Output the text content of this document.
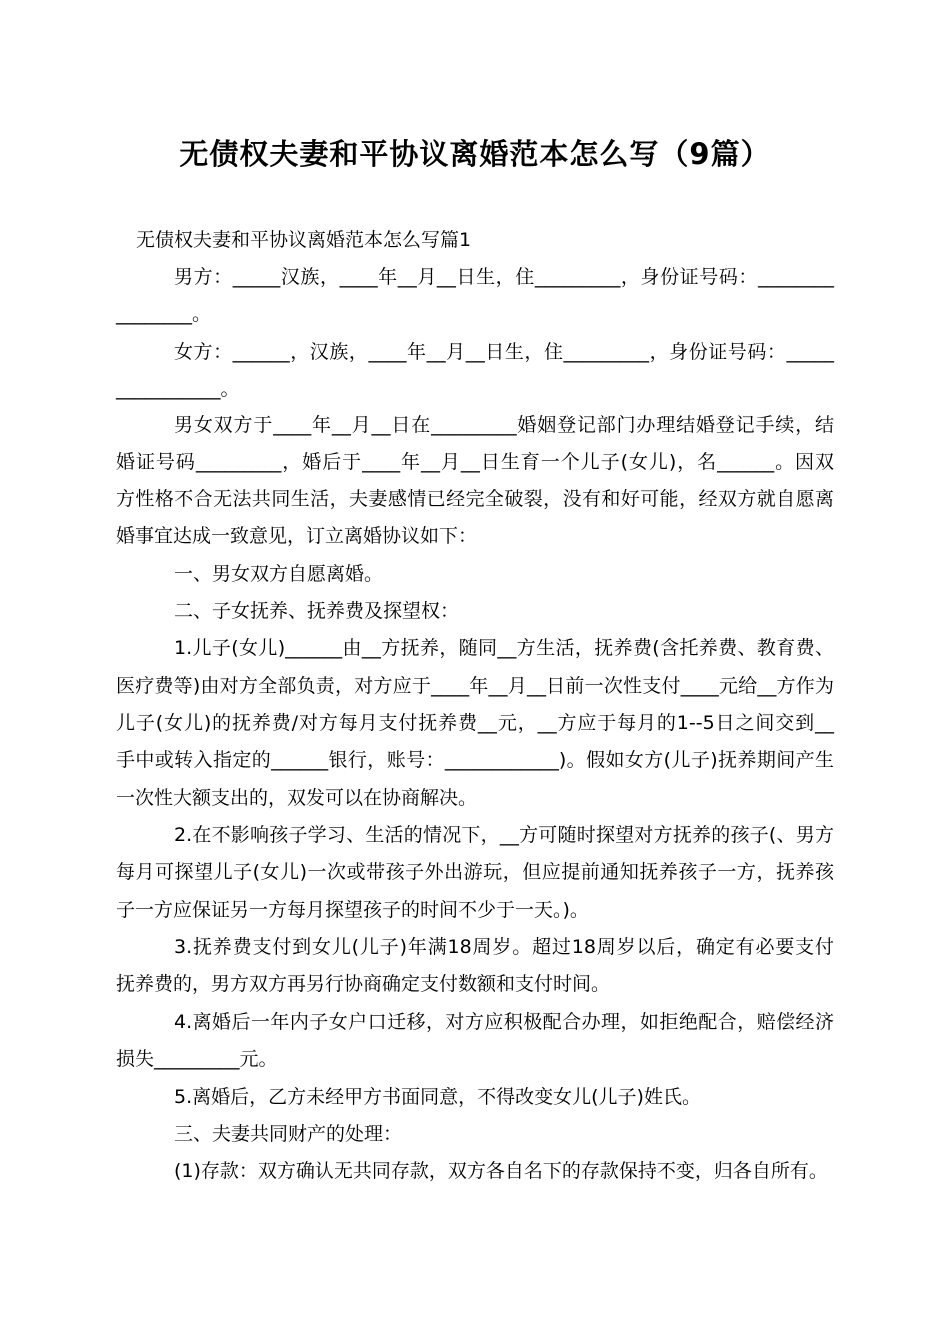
无债权夫妻和平协议离婚范本怎么写（9篇）
无债权夫妻和平协议离婚范本怎么写篇1
男方：_____汉族，____年__月__日生，住_________，身份证号码：________
________。
女方：______，汉族，____年__月__日生，住_________，身份证号码：_____
___________。
男女双方于____年__月__日在_________婚姻登记部门办理结婚登记手续，结
婚证号码_________，婚后于____年__月__日生育一个儿子(女儿)，名______。因双
方性格不合无法共同生活，夫妻感情已经完全破裂，没有和好可能，经双方就自愿离
婚事宜达成一致意见，订立离婚协议如下：
一、男女双方自愿离婚。
二、子女抚养、抚养费及探望权：
1.儿子(女儿)______由__方抚养，随同__方生活，抚养费(含托养费、教育费、
医疗费等)由对方全部负责，对方应于____年__月__日前一次性支付____元给__方作为
儿子(女儿)的抚养费/对方每月支付抚养费__元，__方应于每月的1--5日之间交到__
手中或转入指定的______银行，账号：____________)。假如女方(儿子)抚养期间产生
一次性大额支出的，双发可以在协商解决。
2.在不影响孩子学习、生活的情况下，__方可随时探望对方抚养的孩子(、男方
每月可探望儿子(女儿)一次或带孩子外出游玩，但应提前通知抚养孩子一方，抚养孩
子一方应保证另一方每月探望孩子的时间不少于一天。)。
3.抚养费支付到女儿(儿子)年满18周岁。超过18周岁以后，确定有必要支付
抚养费的，男方双方再另行协商确定支付数额和支付时间。
4.离婚后一年内子女户口迁移，对方应积极配合办理，如拒绝配合，赔偿经济
损失_________元。
5.离婚后，乙方未经甲方书面同意，不得改变女儿(儿子)姓氏。
三、夫妻共同财产的处理：
(1)存款：双方确认无共同存款，双方各自名下的存款保持不变，归各自所有。
